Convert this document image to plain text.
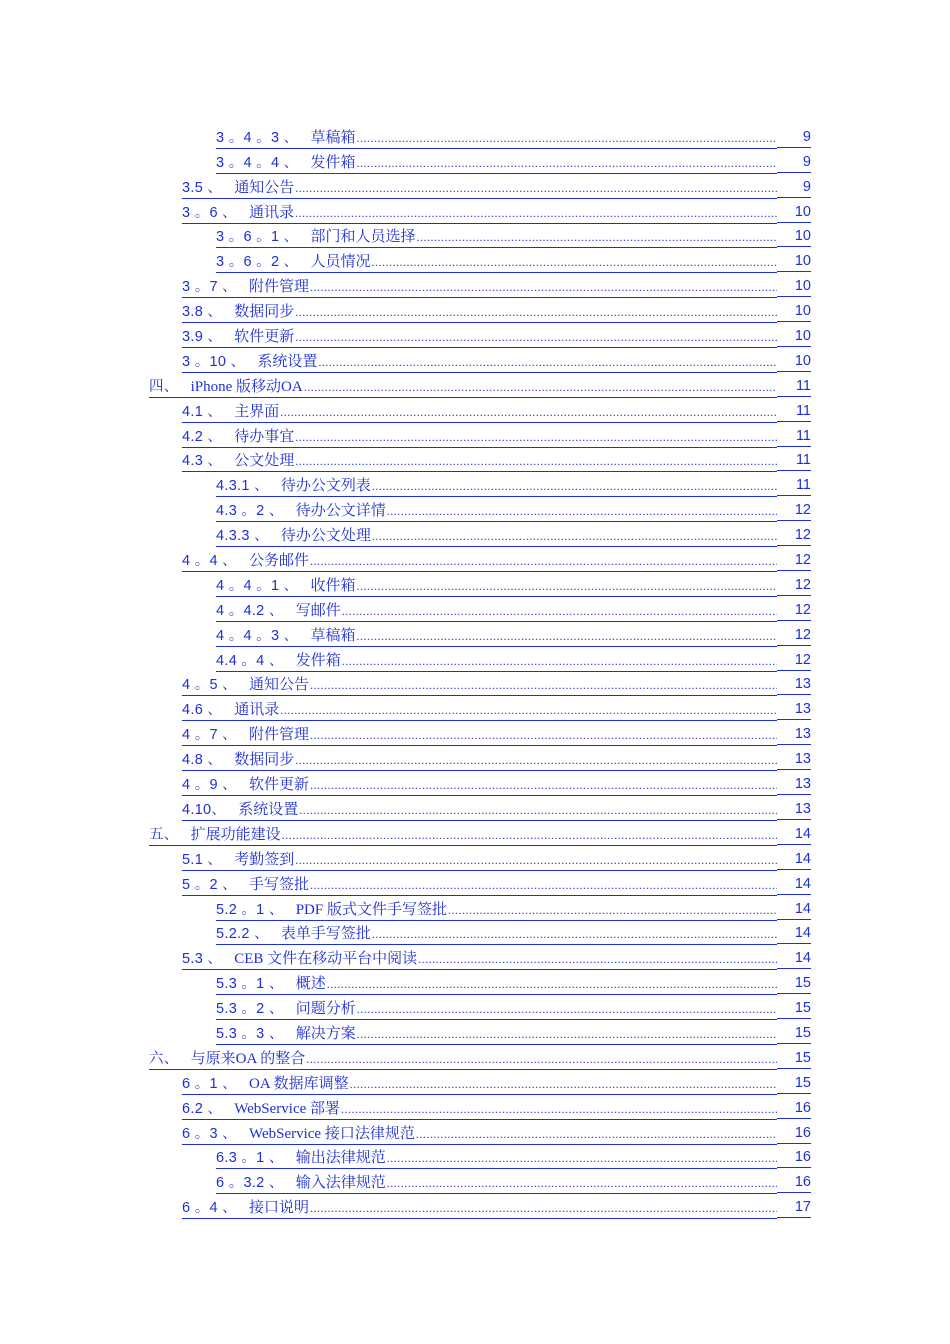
3 。4 。3 、 草稿箱 .....	9
3 。4 。4 、 发件箱 .....	9
3.5 、 通知公告 .....	9
3 。6 、 通讯录 .....	10
3 。6 。1 、 部门和人员选择 .....	10
3 。6 。2 、 人员情况 .....	10
3 。7 、 附件管理 .....	10
3.8 、 数据同步 .....	10
3.9 、 软件更新 .....	10
3 。10 、 系统设置 .....	10
四、 iPhone 版移动OA .....	11
4.1 、 主界面 .....	11
4.2 、 待办事宜 .....	11
4.3 、 公文处理 .....	11
4.3.1 、 待办公文列表 .....	11
4.3 。2 、 待办公文详情 .....	12
4.3.3 、 待办公文处理 .....	12
4 。4 、 公务邮件 .....	12
4 。4 。1 、 收件箱 .....	12
4 。4.2 、 写邮件 .....	12
4 。4 。3 、 草稿箱 .....	12
4.4 。4 、 发件箱 .....	12
4 。5 、 通知公告 .....	13
4.6 、 通讯录 .....	13
4 。7 、 附件管理 .....	13
4.8 、 数据同步 .....	13
4 。9 、 软件更新 .....	13
4.10、 系统设置 .....	13
五、 扩展功能建设 .....	14
5.1 、 考勤签到 .....	14
5 。2 、 手写签批 .....	14
5.2 。1 、 PDF 版式文件手写签批 .....	14
5.2.2 、 表单手写签批 .....	14
5.3 、 CEB 文件在移动平台中阅读 .....	14
5.3 。1 、 概述 .....	15
5.3 。2 、 问题分析 .....	15
5.3 。3 、 解决方案 .....	15
六、 与原来OA 的整合 .....	15
6 。1 、 OA 数据库调整 .....	15
6.2 、 WebService 部署 .....	16
6 。3 、 WebService 接口法律规范 .....	16
6.3 。1 、 输出法律规范 .....	16
6 。3.2 、 输入法律规范 .....	16
6 。4 、 接口说明 .....	17
